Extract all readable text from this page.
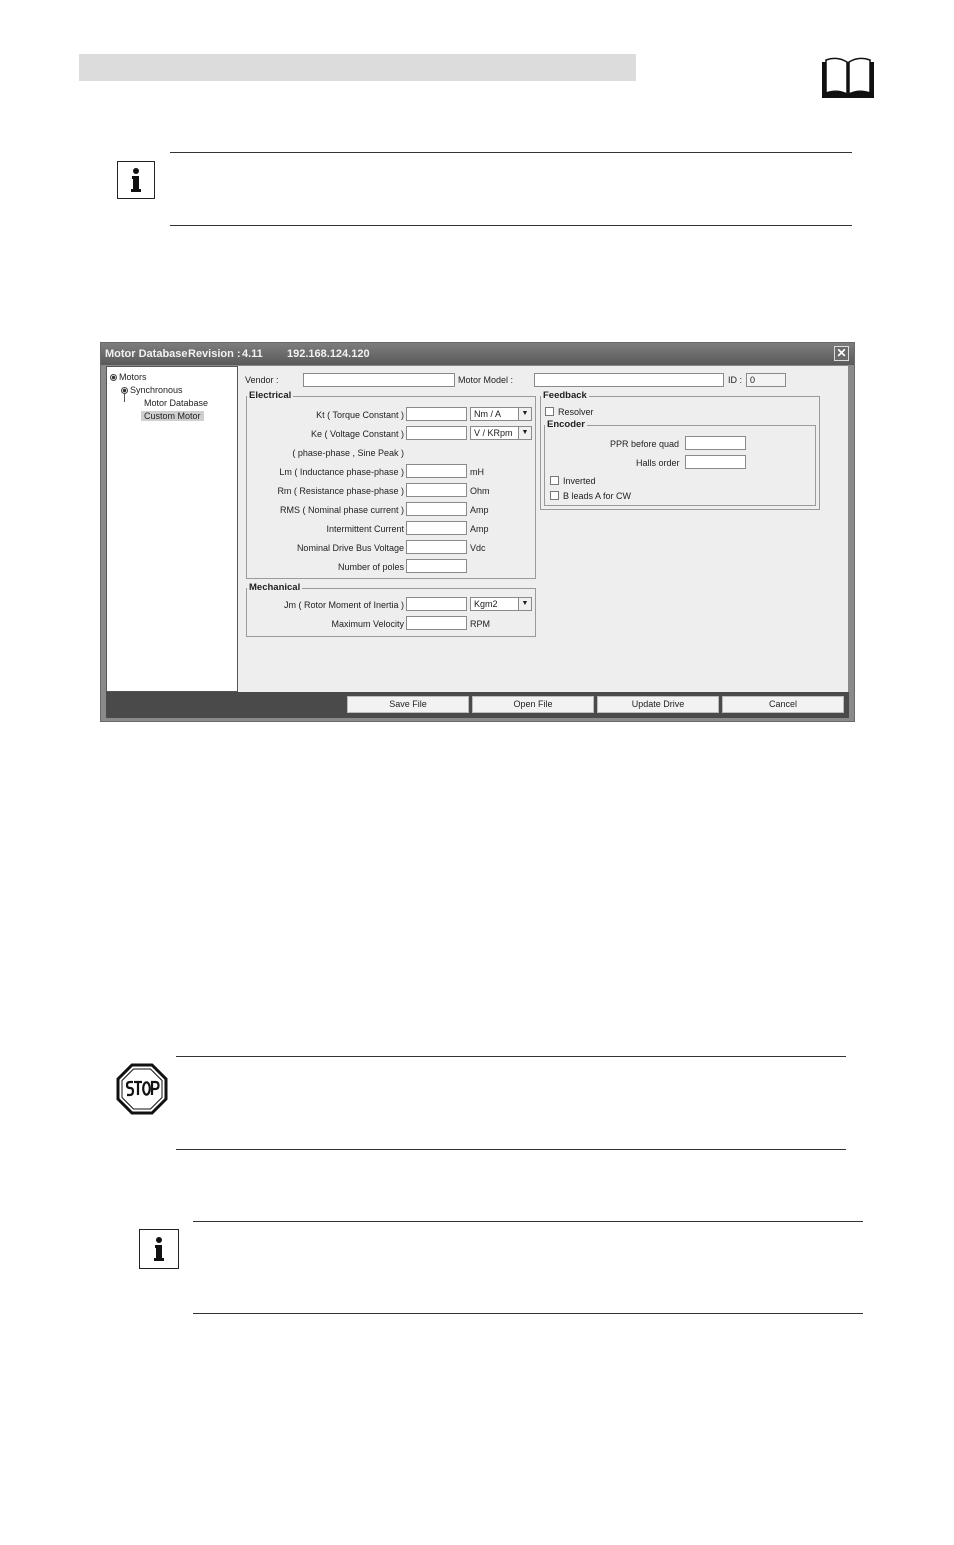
Motor Database Revision : 4.11 192.168.124.120	✕
Motors
Synchronous
Motor Database
Custom Motor
Vendor :	Motor Model :	ID : 0
Electrical
Kt ( Torque Constant )	Nm / A	▼
Ke ( Voltage Constant )	V / KRpm	▼
( phase-phase , Sine Peak )
Lm ( Inductance phase-phase )	mH
Rm ( Resistance phase-phase )	Ohm
RMS ( Nominal phase current )	Amp
Intermittent Current	Amp
Nominal Drive Bus Voltage	Vdc
Number of poles
Mechanical
Jm ( Rotor Moment of Inertia )	Kgm2	▼
Maximum Velocity	RPM
Feedback
Resolver
Encoder
PPR before quad
Halls order
Inverted
B leads A for CW
Save File	Open File	Update Drive	Cancel
